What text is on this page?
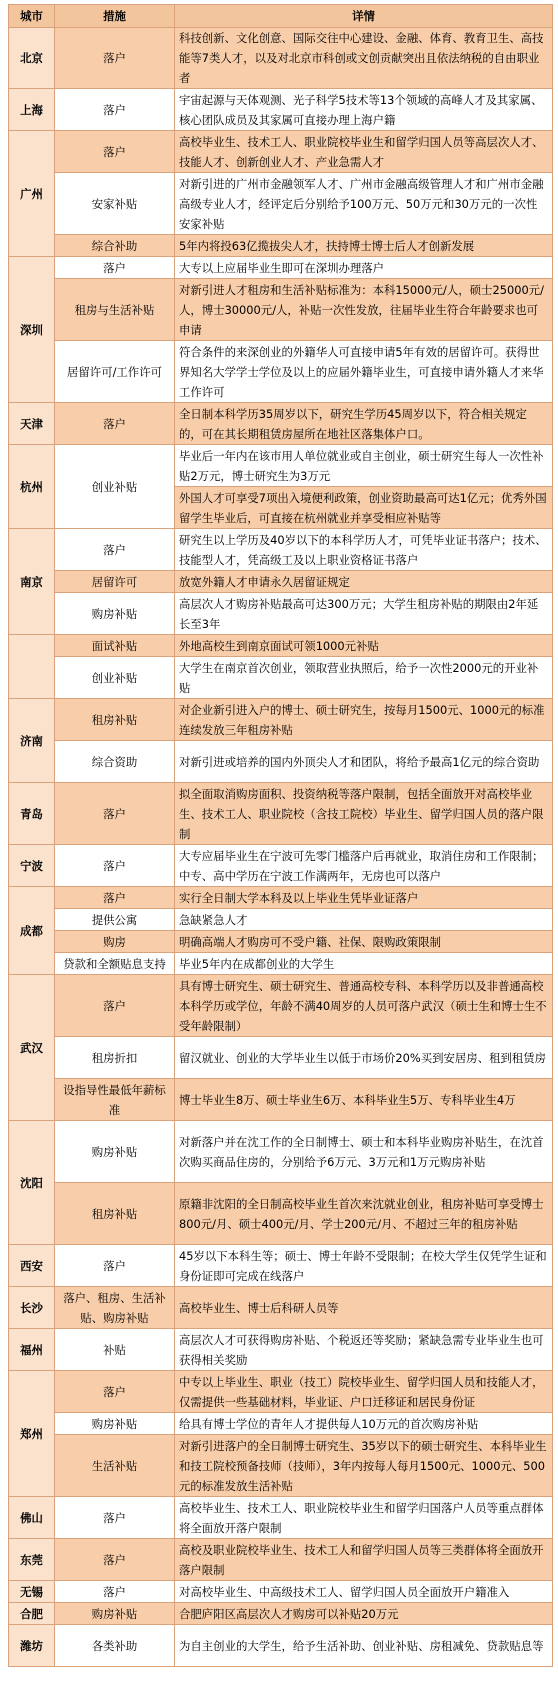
城市	措施	详情
北京	落户	科技创新、文化创意、国际交往中心建设、金融、体育、教育卫生、高技能等7类人才，以及对北京市科创或文创贡献突出且依法纳税的自由职业者
上海	落户	宇宙起源与天体观测、光子科学5技术等13个领域的高峰人才及其家属、核心团队成员及其家属可直接办理上海户籍
广州	落户	高校毕业生、技术工人、职业院校毕业生和留学归国人员等高层次人才、技能人才、创新创业人才、产业急需人才
	安家补贴	对新引进的广州市金融领军人才、广州市金融高级管理人才和广州市金融高级专业人才，经评定后分别给予100万元、50万元和30万元的一次性安家补贴
	综合补助	5年内将投63亿揽拔尖人才，扶持博士博士后人才创新发展
深圳	落户	大专以上应届毕业生即可在深圳办理落户
	租房与生活补贴	对新引进人才租房和生活补贴标准为：本科15000元/人，硕士25000元/人，博士30000元/人，补贴一次性发放，往届毕业生符合年龄要求也可申请
	居留许可/工作许可	符合条件的来深创业的外籍华人可直接申请5年有效的居留许可。获得世界知名大学学士学位及以上的应届外籍毕业生，可直接申请外籍人才来华工作许可
天津	落户	全日制本科学历35周岁以下，研究生学历45周岁以下，符合相关规定的，可在其长期租赁房屋所在地社区落集体户口。
杭州	创业补贴	毕业后一年内在该市用人单位就业或自主创业，硕士研究生每人一次性补贴2万元，博士研究生为3万元
		外国人才可享受7项出入境便利政策，创业资助最高可达1亿元；优秀外国留学生毕业后，可直接在杭州就业并享受相应补贴等
南京	落户	研究生以上学历及40岁以下的本科学历人才，可凭毕业证书落户；技术、技能型人才，凭高级工及以上职业资格证书落户
	居留许可	放宽外籍人才申请永久居留证规定
	购房补贴	高层次人才购房补贴最高可达300万元；大学生租房补贴的期限由2年延长至3年
	面试补贴	外地高校生到南京面试可领1000元补贴
	创业补贴	大学生在南京首次创业，领取营业执照后，给予一次性2000元的开业补贴
济南	租房补贴	对企业新引进入户的博士、硕士研究生，按每月1500元、1000元的标准连续发放三年租房补贴
	综合资助	对新引进或培养的国内外顶尖人才和团队，将给予最高1亿元的综合资助
青岛	落户	拟全面取消购房面积、投资纳税等落户限制，包括全面放开对高校毕业生、技术工人、职业院校（含技工院校）毕业生、留学归国人员的落户限制
宁波	落户	大专应届毕业生在宁波可先零门槛落户后再就业，取消住房和工作限制；中专、高中学历在宁波工作满两年，无房也可以落户
成都	落户	实行全日制大学本科及以上毕业生凭毕业证落户
	提供公寓	急缺紧急人才
	购房	明确高端人才购房可不受户籍、社保、限购政策限制
	贷款和全额贴息支持	毕业5年内在成都创业的大学生
武汉	落户	具有博士研究生、硕士研究生、普通高校专科、本科学历以及非普通高校本科学历或学位，年龄不满40周岁的人员可落户武汉（硕士生和博士生不受年龄限制）
	租房折扣	留汉就业、创业的大学毕业生以低于市场价20%买到安居房、租到租赁房
	设指导性最低年薪标准	博士毕业生8万、硕士毕业生6万、本科毕业生5万、专科毕业生4万
沈阳	购房补贴	对新落户并在沈工作的全日制博士、硕士和本科毕业购房补贴生，在沈首次购买商品住房的，分别给予6万元、3万元和1万元购房补贴
	租房补贴	原籍非沈阳的全日制高校毕业生首次来沈就业创业，租房补贴可享受博士800元/月、硕士400元/月、学士200元/月、不超过三年的租房补贴
西安	落户	45岁以下本科生等；硕士、博士年龄不受限制；在校大学生仅凭学生证和身份证即可完成在线落户
长沙	落户、租房、生活补贴、购房补贴	高校毕业生、博士后科研人员等
福州	补贴	高层次人才可获得购房补贴、个税返还等奖励；紧缺急需专业毕业生也可获得相关奖励
郑州	落户	中专以上毕业生、职业（技工）院校毕业生、留学归国人员和技能人才，仅需提供一些基础材料，毕业证、户口迁移证和居民身份证
	购房补贴	给具有博士学位的青年人才提供每人10万元的首次购房补贴
	生活补贴	对新引进落户的全日制博士研究生、35岁以下的硕士研究生、本科毕业生和技工院校预备技师（技师），3年内按每人每月1500元、1000元、500元的标准发放生活补贴
佛山	落户	高校毕业生、技术工人、职业院校毕业生和留学归国落户人员等重点群体将全面放开落户限制
东莞	落户	高校及职业院校毕业生、技术工人和留学归国人员等三类群体将全面放开落户限制
无锡	落户	对高校毕业生、中高级技术工人、留学归国人员全面放开户籍准入
合肥	购房补贴	合肥庐阳区高层次人才购房可以补贴20万元
潍坊	各类补助	为自主创业的大学生，给予生活补助、创业补贴、房租减免、贷款贴息等
